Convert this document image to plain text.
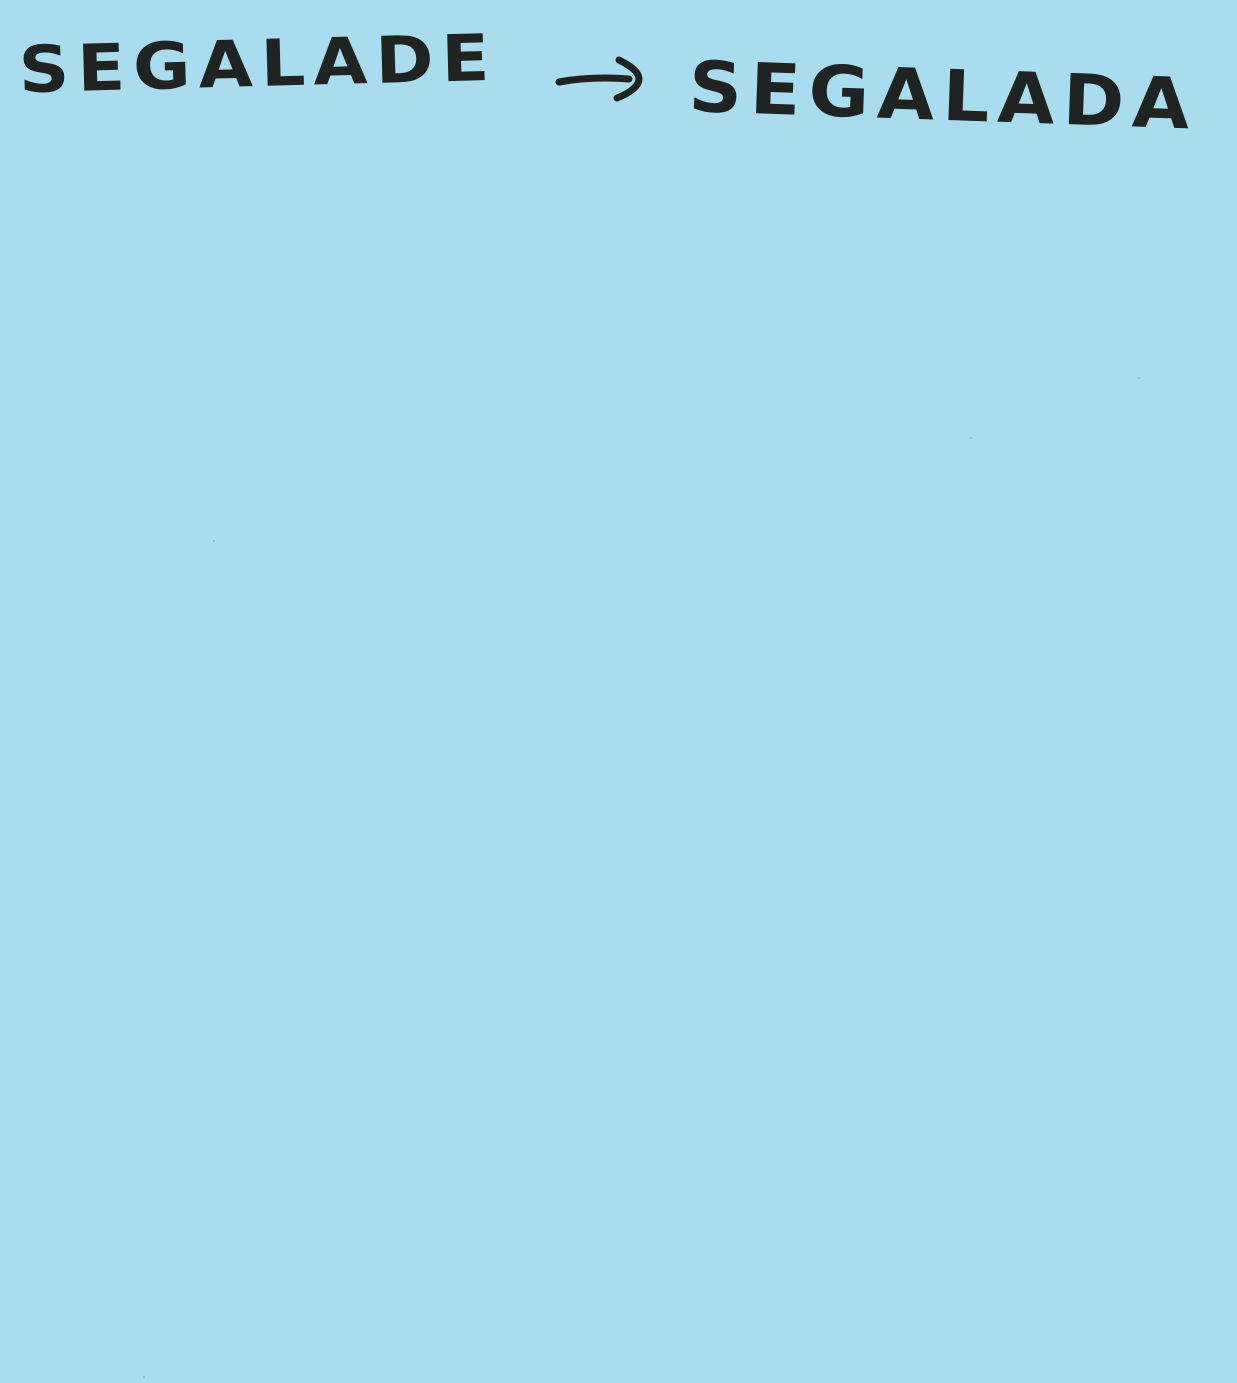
SEGALADE	SEGALADA
